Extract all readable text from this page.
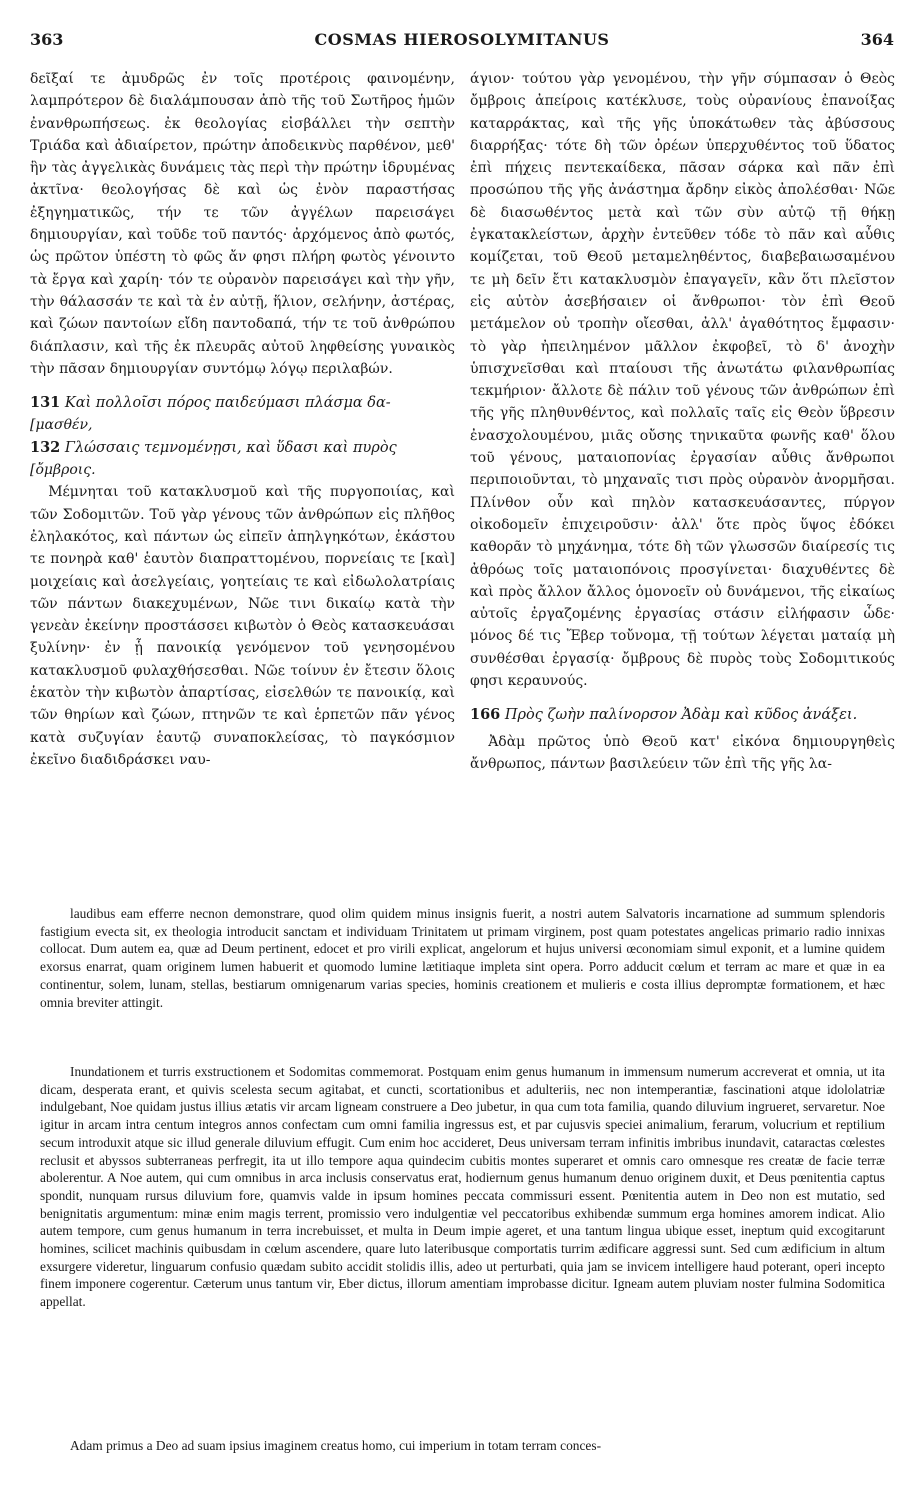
363	COSMAS HIEROSOLYMITANUS	364

δεῖξαί τε ἀμυδρῶς ἐν τοῖς προτέροις φαινομένην, λαμπρότερον δὲ διαλάμπουσαν ἀπὸ τῆς τοῦ Σωτῆρος ἡμῶν ἐνανθρωπήσεως. ἐκ θεολογίας εἰσβάλλει τὴν σεπτὴν Τριάδα καὶ ἀδιαίρετον, πρώτην ἀποδεικνὺς παρθένον, μεθ' ἣν τὰς ἀγγελικὰς δυνάμεις τὰς περὶ τὴν πρώτην ἱδρυμένας ἀκτῖνα· θεολογήσας δὲ καὶ ὡς ἐνὸν παραστήσας ἐξηγηματικῶς, τήν τε τῶν ἀγγέλων παρεισάγει δημιουργίαν, καὶ τοῦδε τοῦ παντός· ἀρχόμενος ἀπὸ φωτός, ὡς πρῶτον ὑπέστη τὸ φῶς ἄν φησι πλήρη φωτὸς γένοιντο τὰ ἔργα καὶ χαρίη· τόν τε οὐρανὸν παρεισάγει καὶ τὴν γῆν, τὴν θάλασσάν τε καὶ τὰ ἐν αὐτῇ, ἥλιον, σελήνην, ἀστέρας, καὶ ζώων παντοίων εἴδη παντοδαπά, τήν τε τοῦ ἀνθρώπου διάπλασιν, καὶ τῆς ἐκ πλευρᾶς αὐτοῦ ληφθείσης γυναικὸς τὴν πᾶσαν δημιουργίαν συντόμῳ λόγῳ περιλαβών.

131 Καὶ πολλοῖσι πόρος παιδεύμασι πλάσμα δα-

[μασθέν,

132 Γλώσσαις τεμνομένῃσι, καὶ ὕδασι καὶ πυρὸς

[ὄμβροις.

Μέμνηται τοῦ κατακλυσμοῦ καὶ τῆς πυργοποιίας, καὶ τῶν Σοδομιτῶν. Τοῦ γὰρ γένους τῶν ἀνθρώπων εἰς πλῆθος ἐληλακότος, καὶ πάντων ὡς εἰπεῖν ἀπηλγηκότων, ἑκάστου τε πονηρὰ καθ' ἑαυτὸν διαπραττομένου, πορνείαις τε [καὶ] μοιχείαις καὶ ἀσελγείαις, γοητείαις τε καὶ εἰδωλολατρίαις τῶν πάντων διακεχυμένων, Νῶε τινι δικαίῳ κατὰ τὴν γενεὰν ἐκείνην προστάσσει κιβωτὸν ὁ Θεὸς κατασκευάσαι ξυλίνην· ἐν ᾗ πανοικίᾳ γενόμενον τοῦ γενησομένου κατακλυσμοῦ φυλαχθήσεσθαι. Νῶε τοίνυν ἐν ἔτεσιν ὅλοις ἑκατὸν τὴν κιβωτὸν ἀπαρτίσας, εἰσελθών τε πανοικίᾳ, καὶ τῶν θηρίων καὶ ζώων, πτηνῶν τε καὶ ἑρπετῶν πᾶν γένος κατὰ συζυγίαν ἑαυτῷ συναποκλείσας, τὸ παγκόσμιον ἐκεῖνο διαδιδράσκει ναυ-

άγιον· τούτου γὰρ γενομένου, τὴν γῆν σύμπασαν ὁ Θεὸς ὄμβροις ἀπείροις κατέκλυσε, τοὺς οὐρανίους ἐπανοίξας καταρράκτας, καὶ τῆς γῆς ὑποκάτωθεν τὰς ἀβύσσους διαρρήξας· τότε δὴ τῶν ὀρέων ὑπερχυθέντος τοῦ ὕδατος ἐπὶ πήχεις πεντεκαίδεκα, πᾶσαν σάρκα καὶ πᾶν ἐπὶ προσώπου τῆς γῆς ἀνάστημα ἄρδην εἰκὸς ἀπολέσθαι· Νῶε δὲ διασωθέντος μετὰ καὶ τῶν σὺν αὐτῷ τῇ θήκῃ ἐγκατακλείστων, ἀρχὴν ἐντεῦθεν τόδε τὸ πᾶν καὶ αὖθις κομίζεται, τοῦ Θεοῦ μεταμεληθέντος, διαβεβαιωσαμένου τε μὴ δεῖν ἔτι κατακλυσμὸν ἐπαγαγεῖν, κἂν ὅτι πλεῖστον εἰς αὐτὸν ἀσεβήσαιεν οἱ ἄνθρωποι· τὸν ἐπὶ Θεοῦ μετάμελον οὐ τροπὴν οἴεσθαι, ἀλλ' ἀγαθότητος ἔμφασιν· τὸ γὰρ ἠπειλημένον μᾶλλον ἐκφοβεῖ, τὸ δ' ἀνοχὴν ὑπισχνεῖσθαι καὶ πταίουσι τῆς ἀνωτάτω φιλανθρωπίας τεκμήριον· ἄλλοτε δὲ πάλιν τοῦ γένους τῶν ἀνθρώπων ἐπὶ τῆς γῆς πληθυνθέντος, καὶ πολλαῖς ταῖς εἰς Θεὸν ὕβρεσιν ἐνασχολουμένου, μιᾶς οὔσης τηνικαῦτα φωνῆς καθ' ὅλου τοῦ γένους, ματαιοπονίας ἐργασίαν αὖθις ἄνθρωποι περιποιοῦνται, τὸ μηχαναῖς τισι πρὸς οὐρανὸν ἀνορμῆσαι. Πλίνθον οὖν καὶ πηλὸν κατασκευάσαντες, πύργον οἰκοδομεῖν ἐπιχειροῦσιν· ἀλλ' ὅτε πρὸς ὕψος ἐδόκει καθορᾶν τὸ μηχάνημα, τότε δὴ τῶν γλωσσῶν διαίρεσίς τις ἀθρόως τοῖς ματαιοπόνοις προσγίνεται· διαχυθέντες δὲ καὶ πρὸς ἄλλον ἄλλος ὁμονοεῖν οὐ δυνάμενοι, τῆς εἰκαίως αὐτοῖς ἐργαζομένης ἐργασίας στάσιν εἰλήφασιν ὧδε· μόνος δέ τις Ἔβερ τοὔνομα, τῇ τούτων λέγεται ματαίᾳ μὴ συνθέσθαι ἐργασίᾳ· ὄμβρους δὲ πυρὸς τοὺς Σοδομιτικούς φησι κεραυνούς.

166 Πρὸς ζωὴν παλίνορσον Ἀδὰμ καὶ κῦδος ἀνάξει.

Ἀδὰμ πρῶτος ὑπὸ Θεοῦ κατ' εἰκόνα δημιουργηθεὶς ἄνθρωπος, πάντων βασιλεύειν τῶν ἐπὶ τῆς γῆς λα-

laudibus eam efferre necnon demonstrare, quod olim quidem minus insignis fuerit, a nostri autem Salvatoris incarnatione ad summum splendoris fastigium evecta sit, ex theologia introducit sanctam et individuam Trinitatem ut primam virginem, post quam potestates angelicas primario radio innixas collocat. Dum autem ea, quæ ad Deum pertinent, edocet et pro virili explicat, angelorum et hujus universi œconomiam simul exponit, et a lumine quidem exorsus enarrat, quam originem lumen habuerit et quomodo lumine lætitiaque impleta sint opera. Porro adducit cœlum et terram ac mare et quæ in ea continentur, solem, lunam, stellas, bestiarum omnigenarum varias species, hominis creationem et mulieris e costa illius depromptæ formationem, et hæc omnia breviter attingit.

Inundationem et turris exstructionem et Sodomitas commemorat. Postquam enim genus humanum in immensum numerum accreverat et omnia, ut ita dicam, desperata erant, et quivis scelesta secum agitabat, et cuncti, scortationibus et adulteriis, nec non intemperantiæ, fascinationi atque idololatriæ indulgebant, Noe quidam justus illius ætatis vir arcam ligneam construere a Deo jubetur, in qua cum tota familia, quando diluvium ingrueret, servaretur. Noe igitur in arcam intra centum integros annos confectam cum omni familia ingressus est, et par cujusvis speciei animalium, ferarum, volucrium et reptilium secum introduxit atque sic illud generale diluvium effugit. Cum enim hoc accideret, Deus universam terram infinitis imbribus inundavit, cataractas cœlestes reclusit et abyssos subterraneas perfregit, ita ut illo tempore aqua quindecim cubitis montes superaret et omnis caro omnesque res creatæ de facie terræ abolerentur. A Noe autem, qui cum omnibus in arca inclusis conservatus erat, hodiernum genus humanum denuo originem duxit, et Deus pœnitentia captus spondit, nunquam rursus diluvium fore, quamvis valde in ipsum homines peccata commissuri essent. Pœnitentia autem in Deo non est mutatio, sed benignitatis argumentum: minæ enim magis terrent, promissio vero indulgentiæ vel peccatoribus exhibendæ summum erga homines amorem indicat. Alio autem tempore, cum genus humanum in terra increbuisset, et multa in Deum impie ageret, et una tantum lingua ubique esset, ineptum quid excogitarunt homines, scilicet machinis quibusdam in cœlum ascendere, quare luto lateribusque comportatis turrim ædificare aggressi sunt. Sed cum ædificium in altum exsurgere videretur, linguarum confusio quædam subito accidit stolidis illis, adeo ut perturbati, quia jam se invicem intelligere haud poterant, operi incepto finem imponere cogerentur. Cæterum unus tantum vir, Eber dictus, illorum amentiam improbasse dicitur. Igneam autem pluviam noster fulmina Sodomitica appellat.

Adam primus a Deo ad suam ipsius imaginem creatus homo, cui imperium in totam terram conces-
